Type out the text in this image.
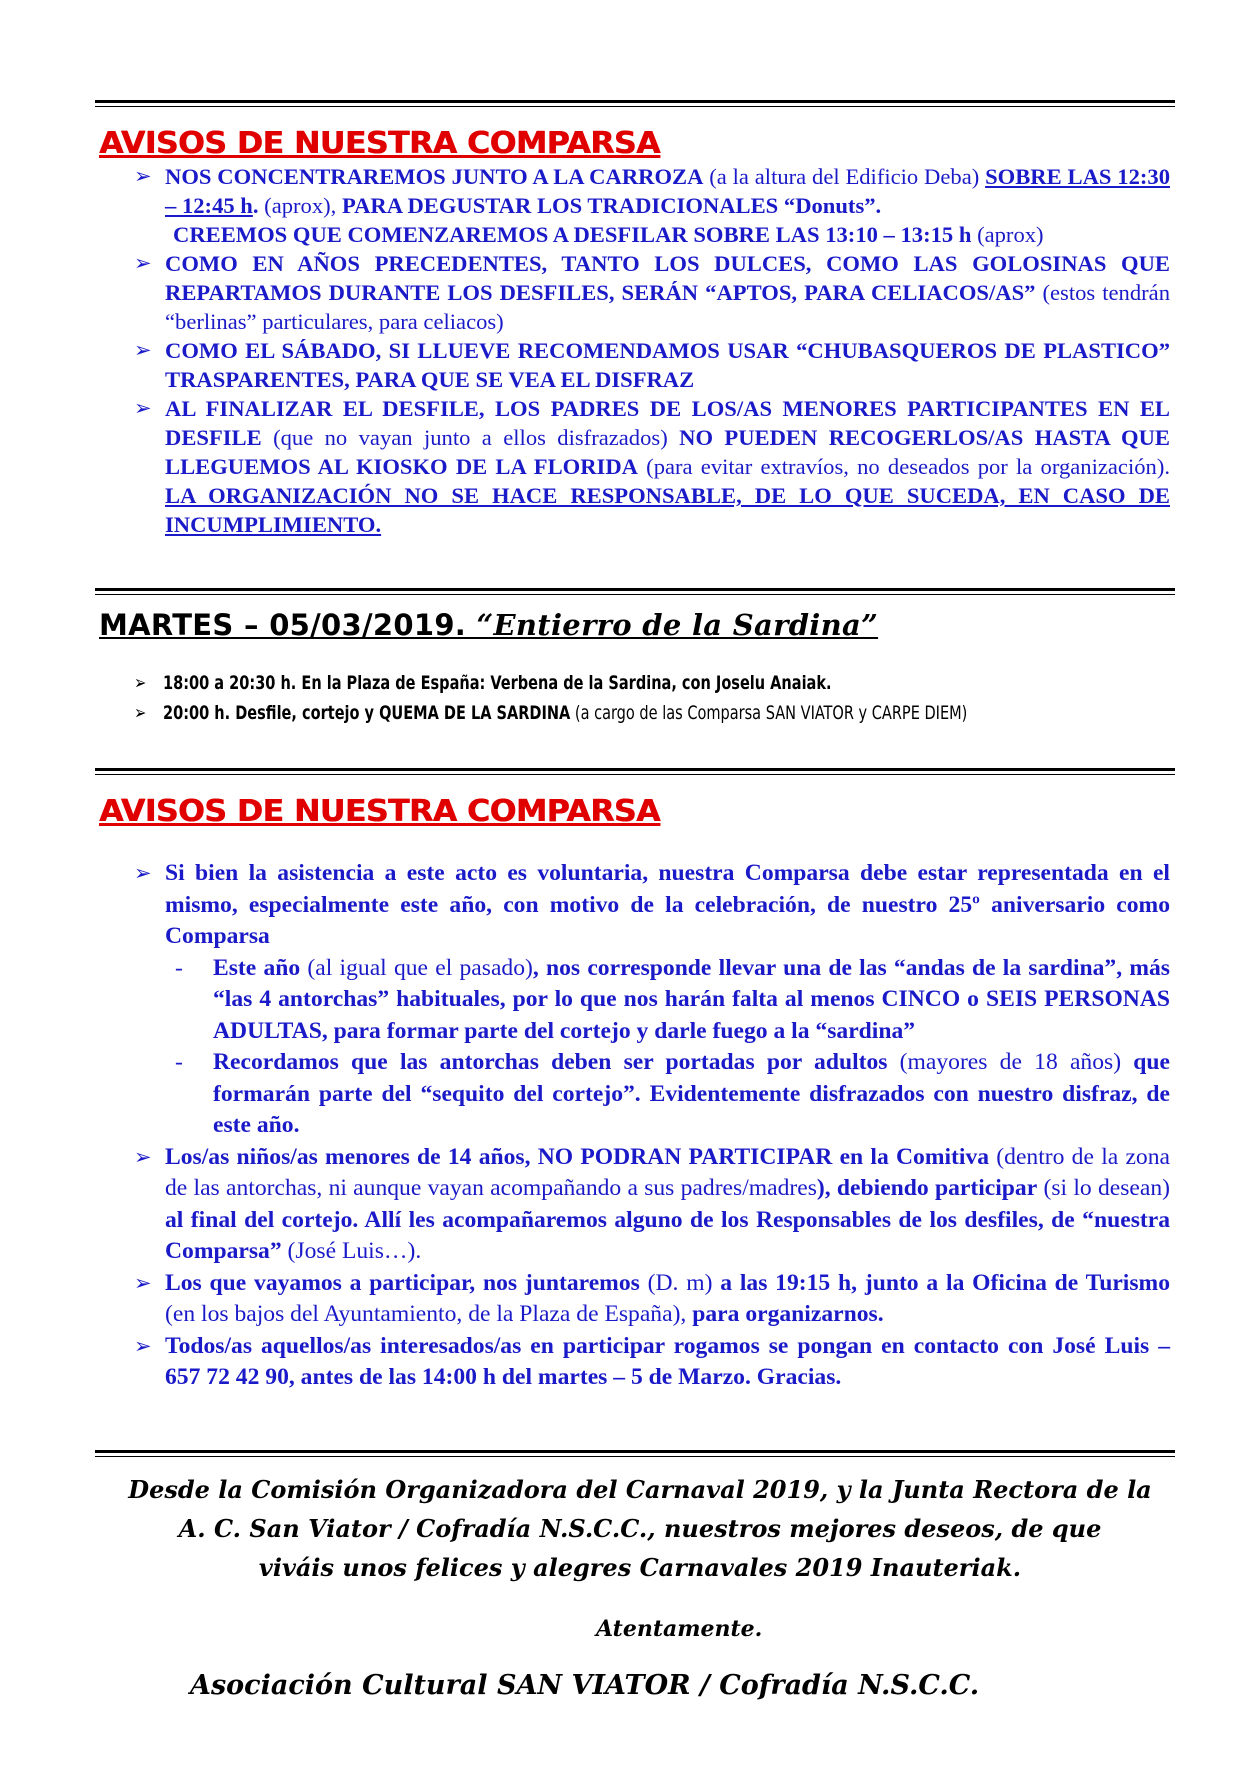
AVISOS DE NUESTRA COMPARSA
➢ NOS CONCENTRAREMOS JUNTO A LA CARROZA (a la altura del Edificio Deba) SOBRE LAS 12:30 – 12:45 h. (aprox), PARA DEGUSTAR LOS TRADICIONALES “Donuts”.
CREEMOS QUE COMENZAREMOS A DESFILAR SOBRE LAS 13:10 – 13:15 h (aprox)
➢ COMO EN AÑOS PRECEDENTES, TANTO LOS DULCES, COMO LAS GOLOSINAS QUE REPARTAMOS DURANTE LOS DESFILES, SERÁN “APTOS, PARA CELIACOS/AS” (estos tendrán “berlinas” particulares, para celiacos)
➢ COMO EL SÁBADO, SI LLUEVE RECOMENDAMOS USAR “CHUBASQUEROS DE PLASTICO” TRASPARENTES, PARA QUE SE VEA EL DISFRAZ
➢ AL FINALIZAR EL DESFILE, LOS PADRES DE LOS/AS MENORES PARTICIPANTES EN EL DESFILE (que no vayan junto a ellos disfrazados) NO PUEDEN RECOGERLOS/AS HASTA QUE LLEGUEMOS AL KIOSKO DE LA FLORIDA (para evitar extravíos, no deseados por la organización). LA ORGANIZACIÓN NO SE HACE RESPONSABLE, DE LO QUE SUCEDA, EN CASO DE INCUMPLIMIENTO.
MARTES – 05/03/2019. “Entierro de la Sardina”
➢ 18:00 a 20:30 h. En la Plaza de España: Verbena de la Sardina, con Joselu Anaiak.
➢ 20:00 h. Desfile, cortejo y QUEMA DE LA SARDINA (a cargo de las Comparsa SAN VIATOR y CARPE DIEM)
AVISOS DE NUESTRA COMPARSA
➢ Si bien la asistencia a este acto es voluntaria, nuestra Comparsa debe estar representada en el mismo, especialmente este año, con motivo de la celebración, de nuestro 25º aniversario como Comparsa
- Este año (al igual que el pasado), nos corresponde llevar una de las “andas de la sardina”, más “las 4 antorchas” habituales, por lo que nos harán falta al menos CINCO o SEIS PERSONAS ADULTAS, para formar parte del cortejo y darle fuego a la “sardina”
- Recordamos que las antorchas deben ser portadas por adultos (mayores de 18 años) que formarán parte del “sequito del cortejo”. Evidentemente disfrazados con nuestro disfraz, de este año.
➢ Los/as niños/as menores de 14 años, NO PODRAN PARTICIPAR en la Comitiva (dentro de la zona de las antorchas, ni aunque vayan acompañando a sus padres/madres), debiendo participar (si lo desean) al final del cortejo. Allí les acompañaremos alguno de los Responsables de los desfiles, de “nuestra Comparsa” (José Luis…).
➢ Los que vayamos a participar, nos juntaremos (D. m) a las 19:15 h, junto a la Oficina de Turismo (en los bajos del Ayuntamiento, de la Plaza de España), para organizarnos.
➢ Todos/as aquellos/as interesados/as en participar rogamos se pongan en contacto con José Luis – 657 72 42 90, antes de las 14:00 h del martes – 5 de Marzo. Gracias.
Desde la Comisión Organizadora del Carnaval 2019, y la Junta Rectora de la
A. C. San Viator / Cofradía N.S.C.C., nuestros mejores deseos, de que
viváis unos felices y alegres Carnavales 2019 Inauteriak.
Atentamente.
Asociación Cultural SAN VIATOR / Cofradía N.S.C.C.
